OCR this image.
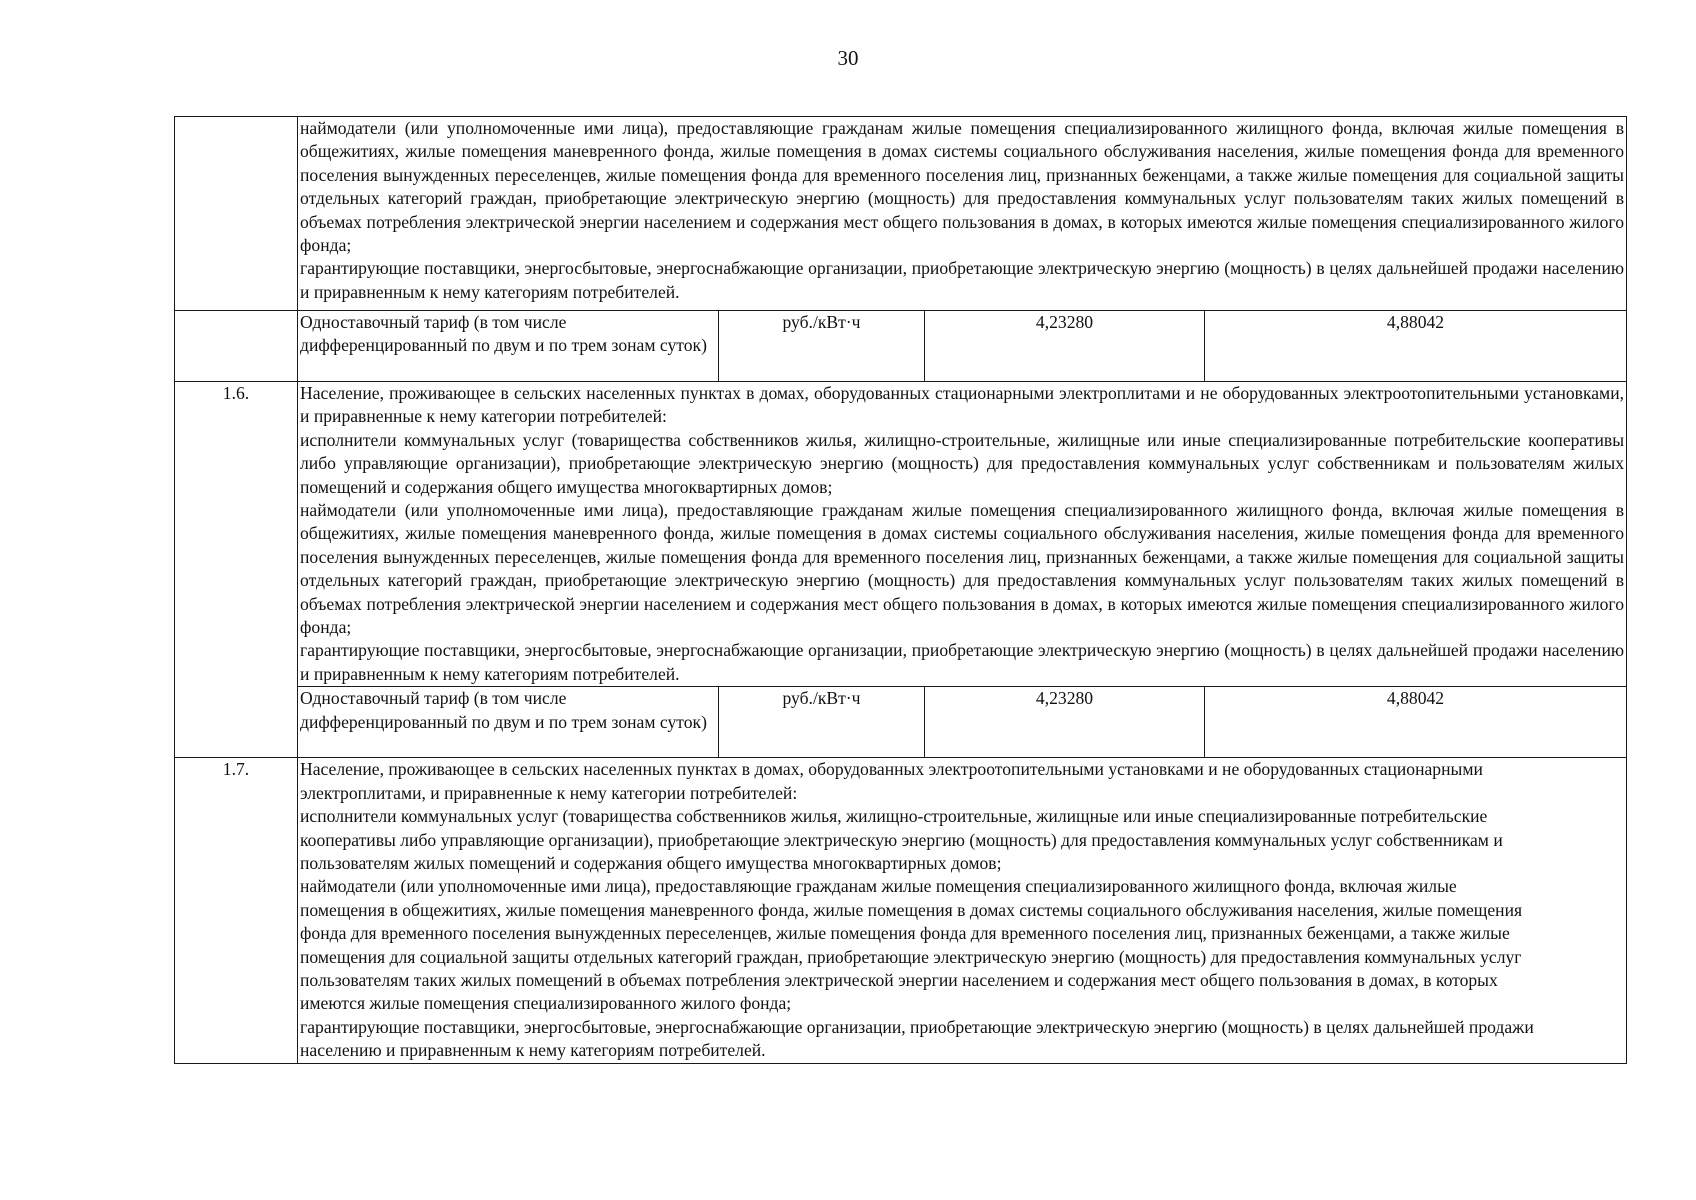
30

	наймодатели (или уполномоченные ими лица), предоставляющие гражданам жилые помещения специализированного жилищного фонда, включая жилые помещения в общежитиях, жилые помещения маневренного фонда, жилые помещения в домах системы социального обслуживания населения, жилые помещения фонда для временного поселения вынужденных переселенцев, жилые помещения фонда для временного поселения лиц, признанных беженцами, а также жилые помещения для социальной защиты отдельных категорий граждан, приобретающие электрическую энергию (мощность) для предоставления коммунальных услуг пользователям таких жилых помещений в объемах потребления электрической энергии населением и содержания мест общего пользования в домах, в которых имеются жилые помещения специализированного жилого фонда;

гарантирующие поставщики, энергосбытовые, энергоснабжающие организации, приобретающие электрическую энергию (мощность) в целях дальнейшей продажи населению и приравненным к нему категориям потребителей.			

	Одноставочный тариф (в том числе дифференцированный по двум и по трем зонам суток)	руб./кВт·ч	4,23280	4,88042
1.6.	Население, проживающее в сельских населенных пунктах в домах, оборудованных стационарными электроплитами и не оборудованных электроотопительными установками, и приравненные к нему категории потребителей:

исполнители коммунальных услуг (товарищества собственников жилья, жилищно-строительные, жилищные или иные специализированные потребительские кооперативы либо управляющие организации), приобретающие электрическую энергию (мощность) для предоставления коммунальных услуг собственникам и пользователям жилых помещений и содержания общего имущества многоквартирных домов;

наймодатели (или уполномоченные ими лица), предоставляющие гражданам жилые помещения специализированного жилищного фонда, включая жилые помещения в общежитиях, жилые помещения маневренного фонда, жилые помещения в домах системы социального обслуживания населения, жилые помещения фонда для временного поселения вынужденных переселенцев, жилые помещения фонда для временного поселения лиц, признанных беженцами, а также жилые помещения для социальной защиты отдельных категорий граждан, приобретающие электрическую энергию (мощность) для предоставления коммунальных услуг пользователям таких жилых помещений в объемах потребления электрической энергии населением и содержания мест общего пользования в домах, в которых имеются жилые помещения специализированного жилого фонда;

гарантирующие поставщики, энергосбытовые, энергоснабжающие организации, приобретающие электрическую энергию (мощность) в целях дальнейшей продажи населению и приравненным к нему категориям потребителей.			

	Одноставочный тариф (в том числе дифференцированный по двум и по трем зонам суток)	руб./кВт·ч	4,23280	4,88042
1.7.	Население, проживающее в сельских населенных пунктах в домах, оборудованных электроотопительными установками и не оборудованных стационарными электроплитами, и приравненные к нему категории потребителей:

исполнители коммунальных услуг (товарищества собственников жилья, жилищно-строительные, жилищные или иные специализированные потребительские кооперативы либо управляющие организации), приобретающие электрическую энергию (мощность) для предоставления коммунальных услуг собственникам и пользователям жилых помещений и содержания общего имущества многоквартирных домов;

наймодатели (или уполномоченные ими лица), предоставляющие гражданам жилые помещения специализированного жилищного фонда, включая жилые помещения в общежитиях, жилые помещения маневренного фонда, жилые помещения в домах системы социального обслуживания населения, жилые помещения фонда для временного поселения вынужденных переселенцев, жилые помещения фонда для временного поселения лиц, признанных беженцами, а также жилые помещения для социальной защиты отдельных категорий граждан, приобретающие электрическую энергию (мощность) для предоставления коммунальных услуг пользователям таких жилых помещений в объемах потребления электрической энергии населением и содержания мест общего пользования в домах, в которых имеются жилые помещения специализированного жилого фонда;

гарантирующие поставщики, энергосбытовые, энергоснабжающие организации, приобретающие электрическую энергию (мощность) в целях дальнейшей продажи населению и приравненным к нему категориям потребителей.			
